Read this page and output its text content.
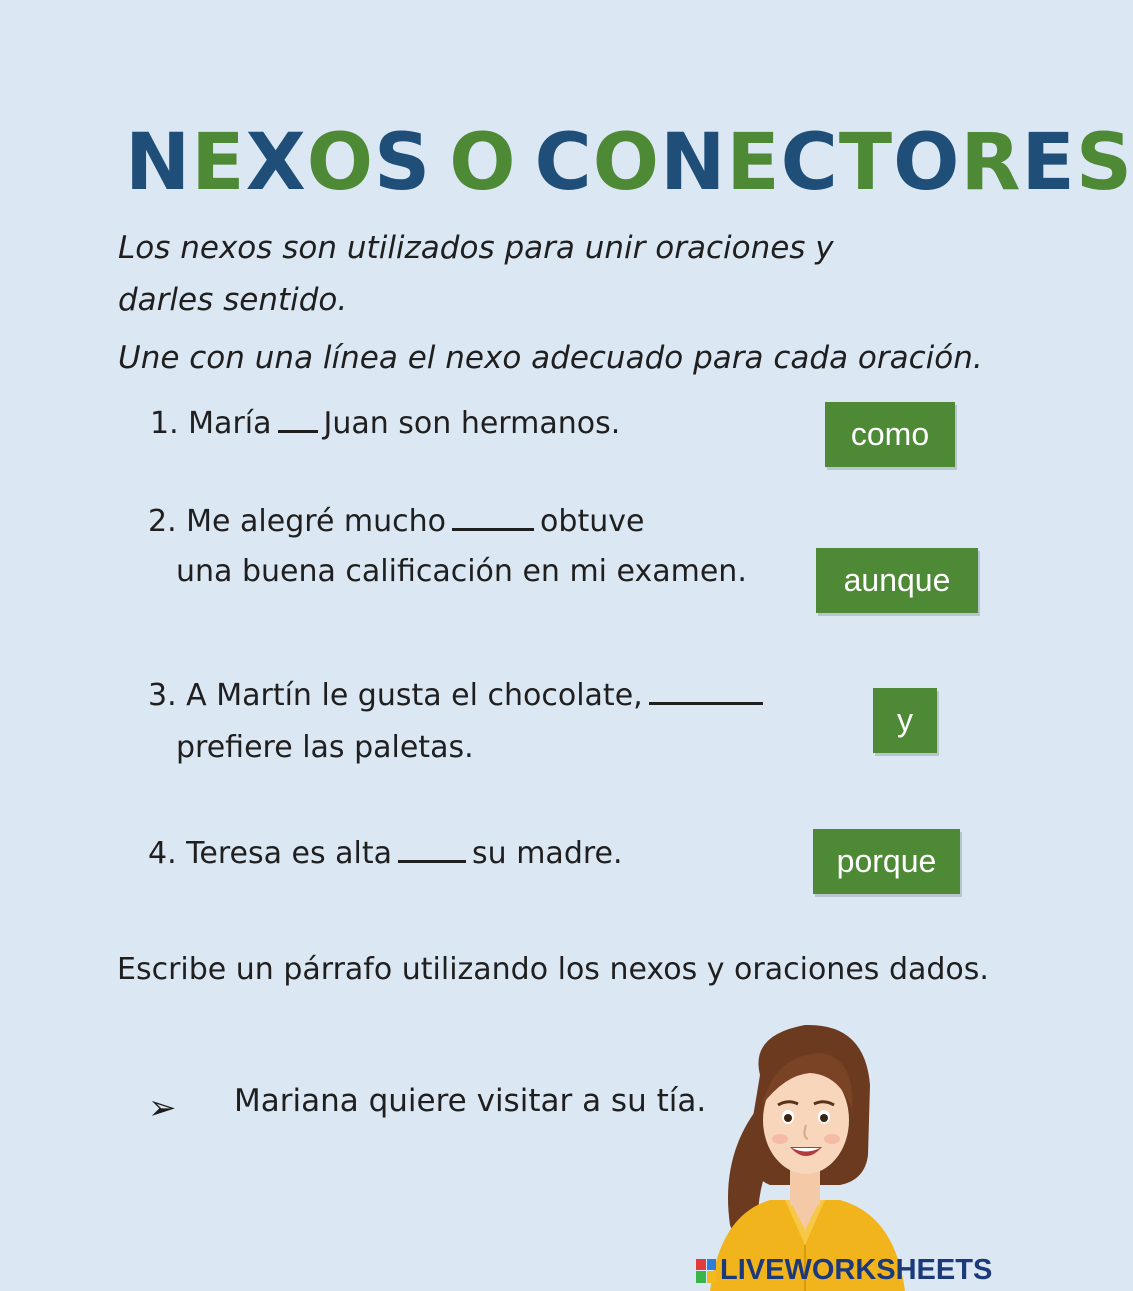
NEXOS O CONECTORES
Los nexos son utilizados para unir oraciones y darles sentido.
Une con una línea el nexo adecuado para cada oración.
1. María Juan son hermanos.
2. Me alegré mucho	obtuve
una buena calificación en mi examen.
3. A Martín le gusta el chocolate,
prefiere las paletas.
4. Teresa es alta	su madre.
como
aunque
y
porque
Escribe un párrafo utilizando los nexos y oraciones dados.
➢ Mariana quiere visitar a su tía.
LIVEWORKSHEETS
